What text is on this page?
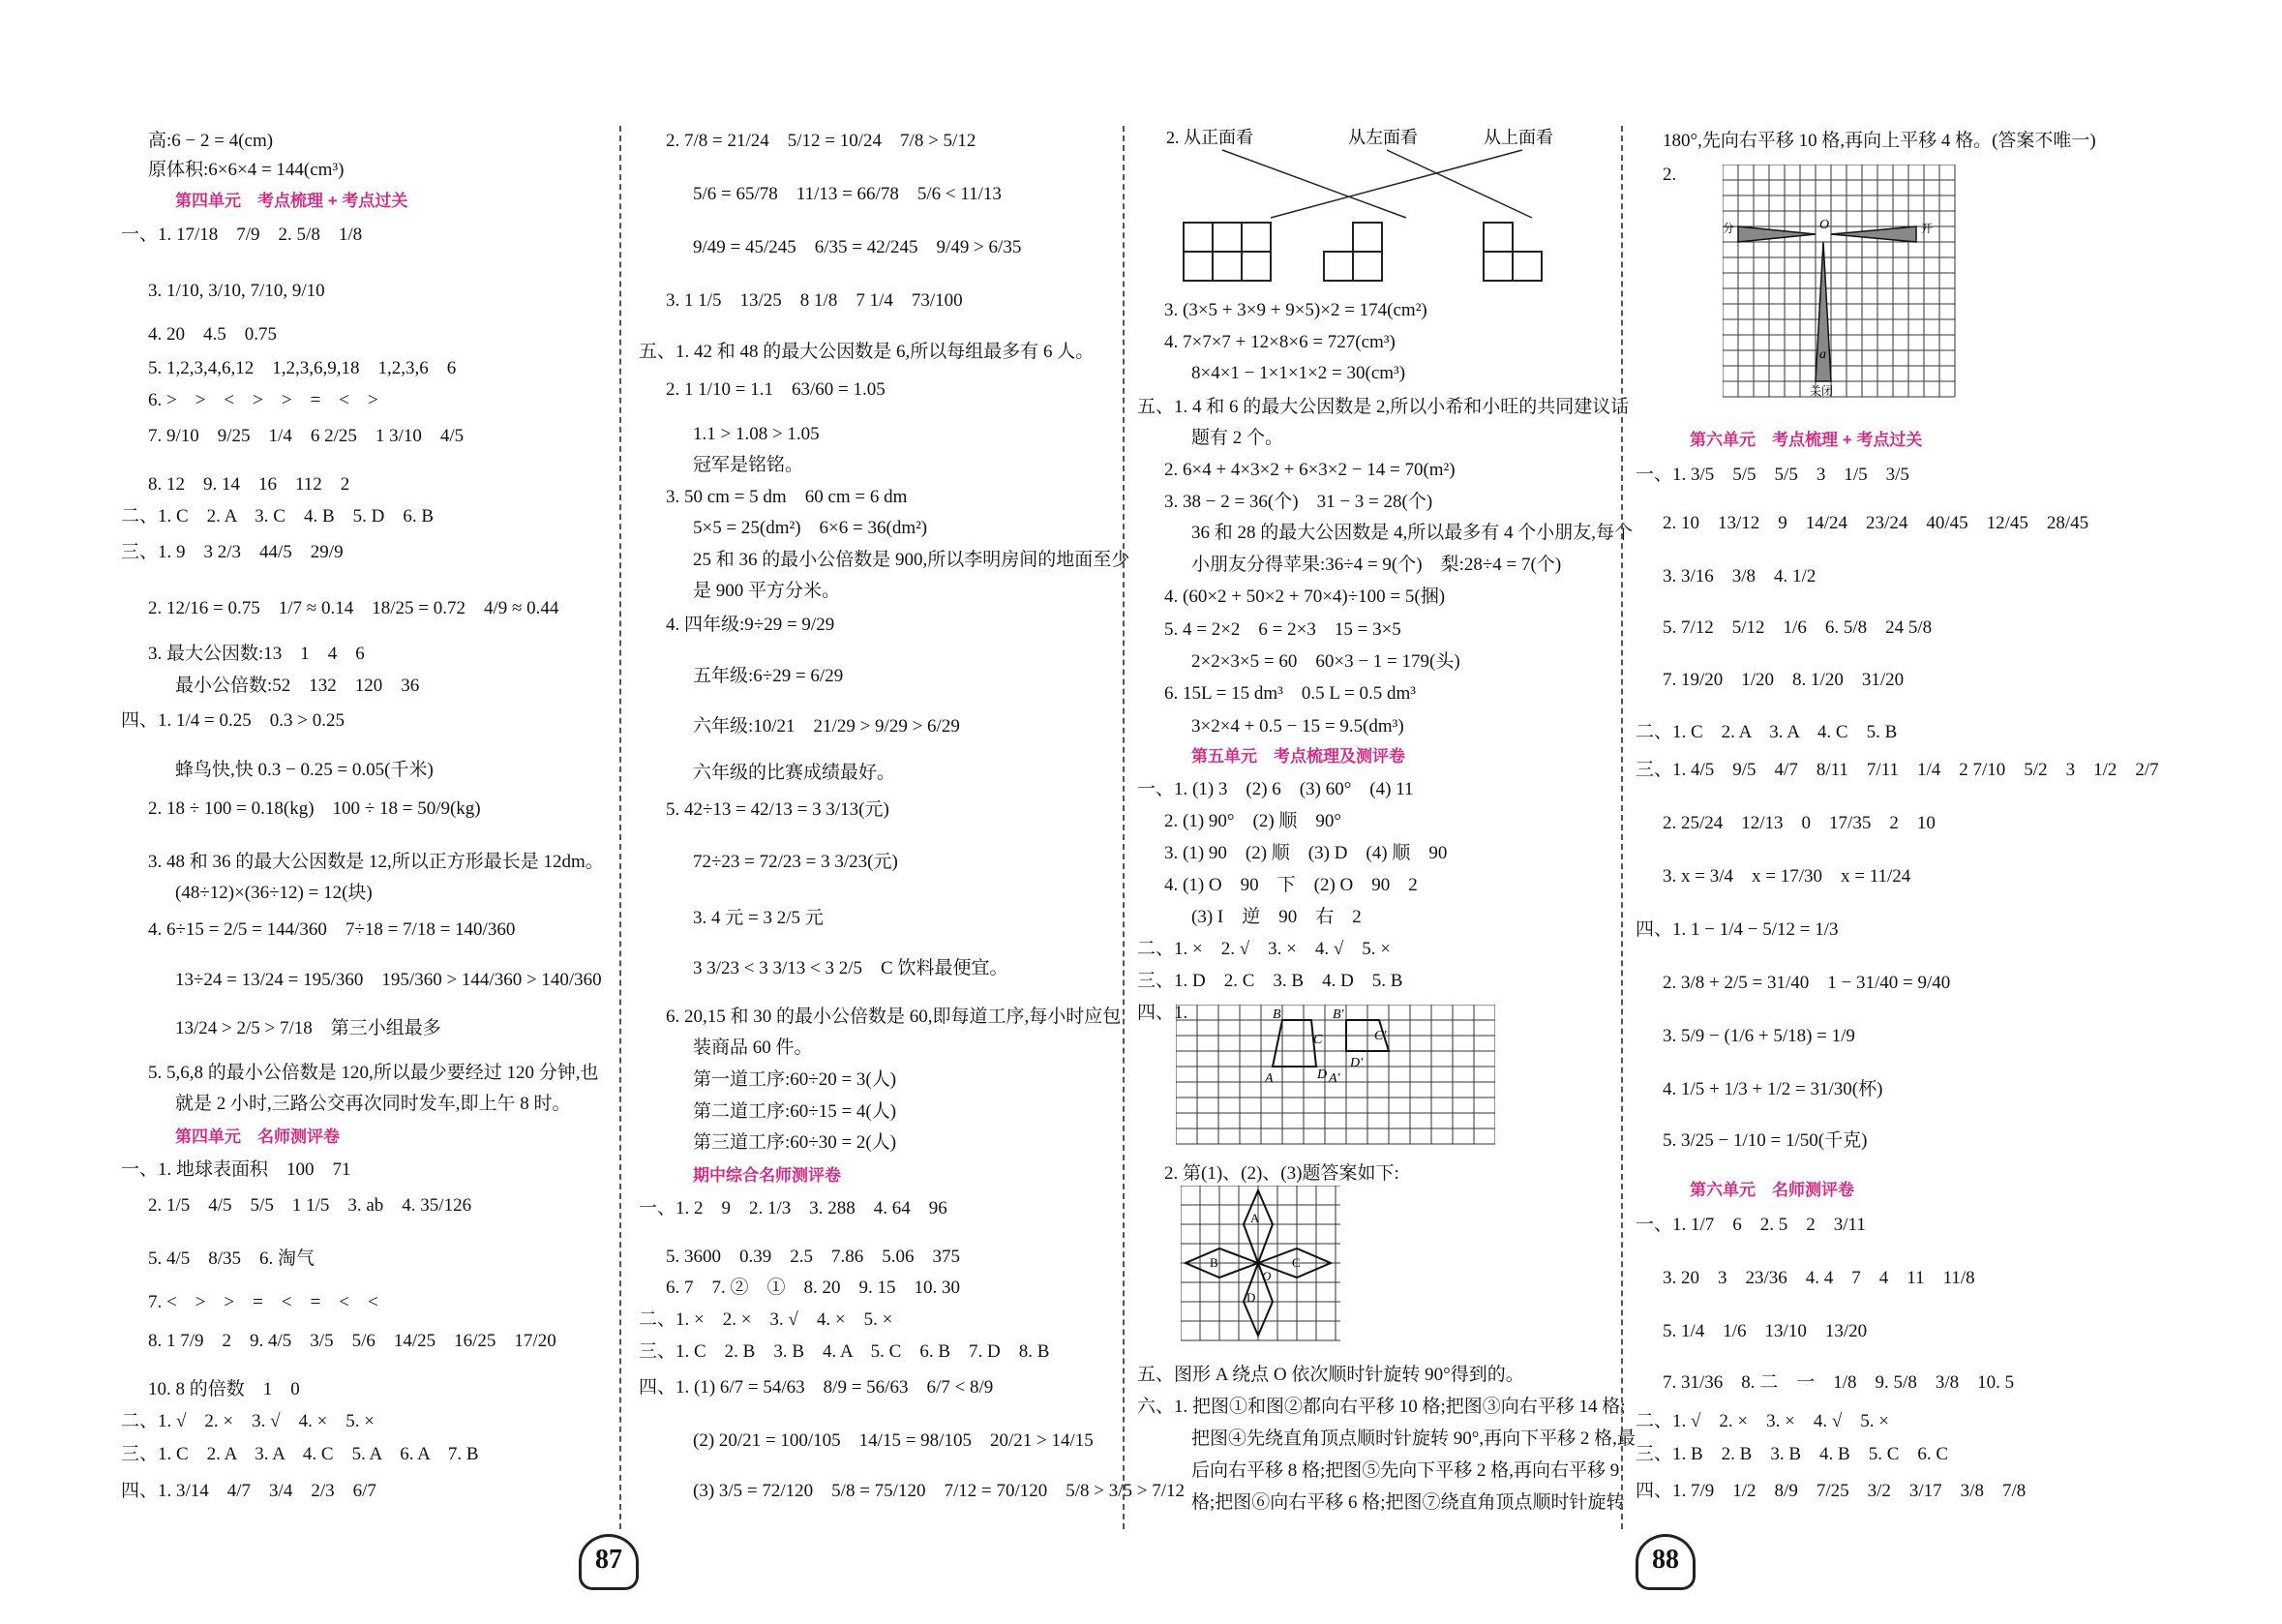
高:6 − 2 = 4(cm)
原体积:6×6×4 = 144(cm³)
第四单元　考点梳理 + 考点过关
一、1. 17/18　7/9　2. 5/8　1/8
3. 1/10, 3/10, 7/10, 9/10
4. 20　4.5　0.75
5. 1,2,3,4,6,12　1,2,3,6,9,18　1,2,3,6　6
6. >　>　<　>　>　=　<　>
7. 9/10　9/25　1/4　6 2/25　1 3/10　4/5
8. 12　9. 14　16　112　2
二、1. C　2. A　3. C　4. B　5. D　6. B
三、1. 9　3 2/3　44/5　29/9
2. 12/16 = 0.75　1/7 ≈ 0.14　18/25 = 0.72　4/9 ≈ 0.44
3. 最大公因数:13　1　4　6
最小公倍数:52　132　120　36
四、1. 1/4 = 0.25　0.3 > 0.25
蜂鸟快,快 0.3 − 0.25 = 0.05(千米)
2. 18 ÷ 100 = 0.18(kg)　100 ÷ 18 = 50/9(kg)
3. 48 和 36 的最大公因数是 12,所以正方形最长是 12dm。
(48÷12)×(36÷12) = 12(块)
4. 6÷15 = 2/5 = 144/360　7÷18 = 7/18 = 140/360
13÷24 = 13/24 = 195/360　195/360 > 144/360 > 140/360
13/24 > 2/5 > 7/18　第三小组最多
5. 5,6,8 的最小公倍数是 120,所以最少要经过 120 分钟,也
就是 2 小时,三路公交再次同时发车,即上午 8 时。
第四单元　名师测评卷
一、1. 地球表面积　100　71
2. 1/5　4/5　5/5　1 1/5　3. ab　4. 35/126
5. 4/5　8/35　6. 淘气
7. <　>　>　=　<　=　<　<
8. 1 7/9　2　9. 4/5　3/5　5/6　14/25　16/25　17/20
10. 8 的倍数　1　0
二、1. √　2. ×　3. √　4. ×　5. ×
三、1. C　2. A　3. A　4. C　5. A　6. A　7. B
四、1. 3/14　4/7　3/4　2/3　6/7
2. 7/8 = 21/24　5/12 = 10/24　7/8 > 5/12
5/6 = 65/78　11/13 = 66/78　5/6 < 11/13
9/49 = 45/245　6/35 = 42/245　9/49 > 6/35
3. 1 1/5　13/25　8 1/8　7 1/4　73/100
五、1. 42 和 48 的最大公因数是 6,所以每组最多有 6 人。
2. 1 1/10 = 1.1　63/60 = 1.05
1.1 > 1.08 > 1.05
冠军是铭铭。
3. 50 cm = 5 dm　60 cm = 6 dm
5×5 = 25(dm²)　6×6 = 36(dm²)
25 和 36 的最小公倍数是 900,所以李明房间的地面至少
是 900 平方分米。
4. 四年级:9÷29 = 9/29
五年级:6÷29 = 6/29
六年级:10/21　21/29 > 9/29 > 6/29
六年级的比赛成绩最好。
5. 42÷13 = 42/13 = 3 3/13(元)
72÷23 = 72/23 = 3 3/23(元)
3. 4 元 = 3 2/5 元
3 3/23 < 3 3/13 < 3 2/5　C 饮料最便宜。
6. 20,15 和 30 的最小公倍数是 60,即每道工序,每小时应包
装商品 60 件。
第一道工序:60÷20 = 3(人)
第二道工序:60÷15 = 4(人)
第三道工序:60÷30 = 2(人)
期中综合名师测评卷
一、1. 2　9　2. 1/3　3. 288　4. 64　96
5. 3600　0.39　2.5　7.86　5.06　375
6. 7　7. ②　①　8. 20　9. 15　10. 30
二、1. ×　2. ×　3. √　4. ×　5. ×
三、1. C　2. B　3. B　4. A　5. C　6. B　7. D　8. B
四、1. (1) 6/7 = 54/63　8/9 = 56/63　6/7 < 8/9
(2) 20/21 = 100/105　14/15 = 98/105　20/21 > 14/15
(3) 3/5 = 72/120　5/8 = 75/120　7/12 = 70/120　5/8 > 3/5 > 7/12
2. 从正面看	从左面看	从上面看
B
C
B'
C'
A	D A'
D'
A
B	C
D
O
3. (3×5 + 3×9 + 9×5)×2 = 174(cm²)
4. 7×7×7 + 12×8×6 = 727(cm³)
8×4×1 − 1×1×1×2 = 30(cm³)
五、1. 4 和 6 的最大公因数是 2,所以小希和小旺的共同建议话
题有 2 个。
2. 6×4 + 4×3×2 + 6×3×2 − 14 = 70(m²)
3. 38 − 2 = 36(个)　31 − 3 = 28(个)
36 和 28 的最大公因数是 4,所以最多有 4 个小朋友,每个
小朋友分得苹果:36÷4 = 9(个)　梨:28÷4 = 7(个)
4. (60×2 + 50×2 + 70×4)÷100 = 5(捆)
5. 4 = 2×2　6 = 2×3　15 = 3×5
2×2×3×5 = 60　60×3 − 1 = 179(头)
6. 15L = 15 dm³　0.5 L = 0.5 dm³
3×2×4 + 0.5 − 15 = 9.5(dm³)
第五单元　考点梳理及测评卷
一、1. (1) 3　(2) 6　(3) 60°　(4) 11
2. (1) 90°　(2) 顺　90°
3. (1) 90　(2) 顺　(3) D　(4) 顺　90
4. (1) O　90　下　(2) O　90　2
(3) I　逆　90　右　2
二、1. ×　2. √　3. ×　4. √　5. ×
三、1. D　2. C　3. B　4. D　5. B
四、1.
2. 第(1)、(2)、(3)题答案如下:
五、图形 A 绕点 O 依次顺时针旋转 90°得到的。
六、1. 把图①和图②都向右平移 10 格;把图③向右平移 14 格;
把图④先绕直角顶点顺时针旋转 90°,再向下平移 2 格,最
后向右平移 8 格;把图⑤先向下平移 2 格,再向右平移 9
格;把图⑥向右平移 6 格;把图⑦绕直角顶点顺时针旋转
O
a
分
关闭
开
180°,先向右平移 10 格,再向上平移 4 格。(答案不唯一)
2.
第六单元　考点梳理 + 考点过关
一、1. 3/5　5/5　5/5　3　1/5　3/5
2. 10　13/12　9　14/24　23/24　40/45　12/45　28/45
3. 3/16　3/8　4. 1/2
5. 7/12　5/12　1/6　6. 5/8　24 5/8
7. 19/20　1/20　8. 1/20　31/20
二、1. C　2. A　3. A　4. C　5. B
三、1. 4/5　9/5　4/7　8/11　7/11　1/4　2 7/10　5/2　3　1/2　2/7
2. 25/24　12/13　0　17/35　2　10
3. x = 3/4　x = 17/30　x = 11/24
四、1. 1 − 1/4 − 5/12 = 1/3
2. 3/8 + 2/5 = 31/40　1 − 31/40 = 9/40
3. 5/9 − (1/6 + 5/18) = 1/9
4. 1/5 + 1/3 + 1/2 = 31/30(杯)
5. 3/25 − 1/10 = 1/50(千克)
第六单元　名师测评卷
一、1. 1/7　6　2. 5　2　3/11
3. 20　3　23/36　4. 4　7　4　11　11/8
5. 1/4　1/6　13/10　13/20
7. 31/36　8. 二　一　1/8　9. 5/8　3/8　10. 5
二、1. √　2. ×　3. ×　4. √　5. ×
三、1. B　2. B　3. B　4. B　5. C　6. C
四、1. 7/9　1/2　8/9　7/25　3/2　3/17　3/8　7/8
87	88
